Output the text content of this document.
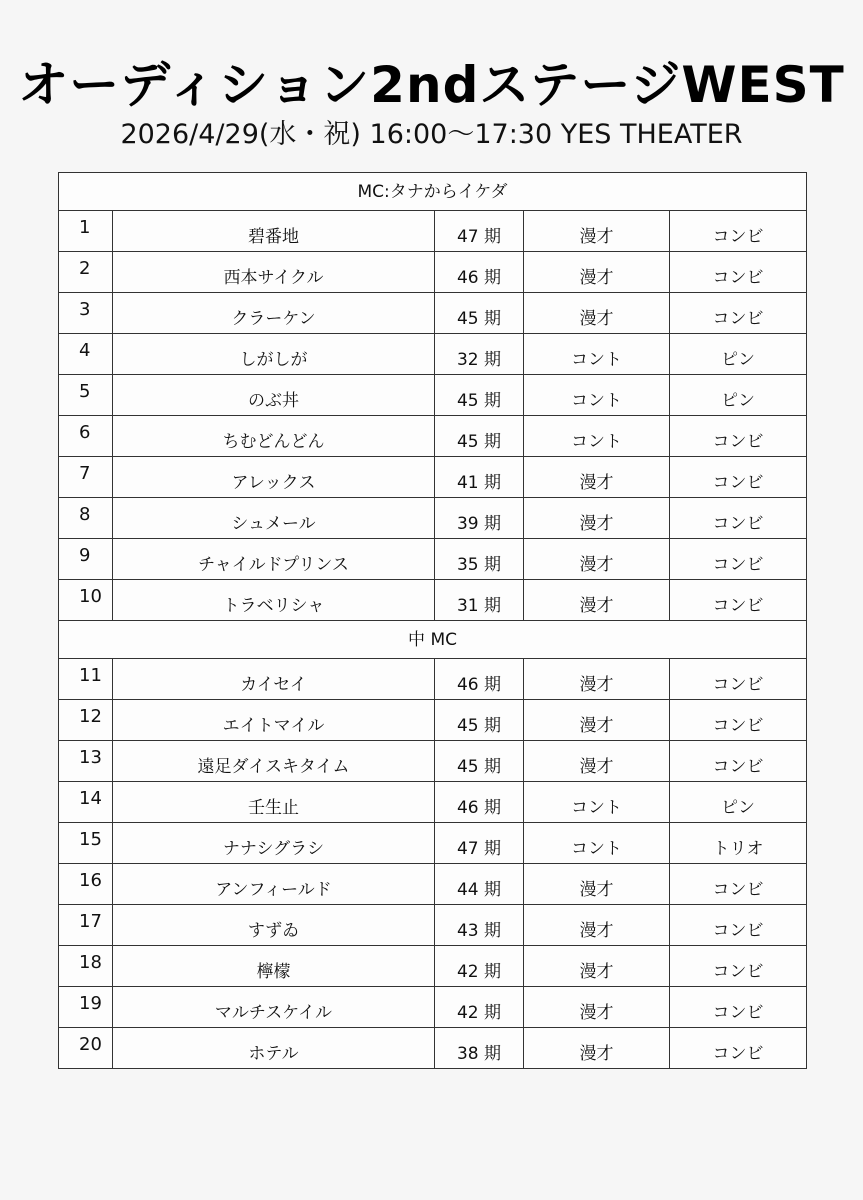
オーディション2ndステージWEST
2026/4/29(水・祝) 16:00～17:30 YES THEATER
MC:タナからイケダ				
1	碧番地	47 期	漫才	コンビ
2	西本サイクル	46 期	漫才	コンビ
3	クラーケン	45 期	漫才	コンビ
4	しがしが	32 期	コント	ピン
5	のぶ丼	45 期	コント	ピン
6	ちむどんどん	45 期	コント	コンビ
7	アレックス	41 期	漫才	コンビ
8	シュメール	39 期	漫才	コンビ
9	チャイルドプリンス	35 期	漫才	コンビ
10	トラベリシャ	31 期	漫才	コンビ
中 MC				
11	カイセイ	46 期	漫才	コンビ
12	エイトマイル	45 期	漫才	コンビ
13	遠足ダイスキタイム	45 期	漫才	コンビ
14	壬生止	46 期	コント	ピン
15	ナナシグラシ	47 期	コント	トリオ
16	アンフィールド	44 期	漫才	コンビ
17	すずゐ	43 期	漫才	コンビ
18	檸檬	42 期	漫才	コンビ
19	マルチスケイル	42 期	漫才	コンビ
20	ホテル	38 期	漫才	コンビ
